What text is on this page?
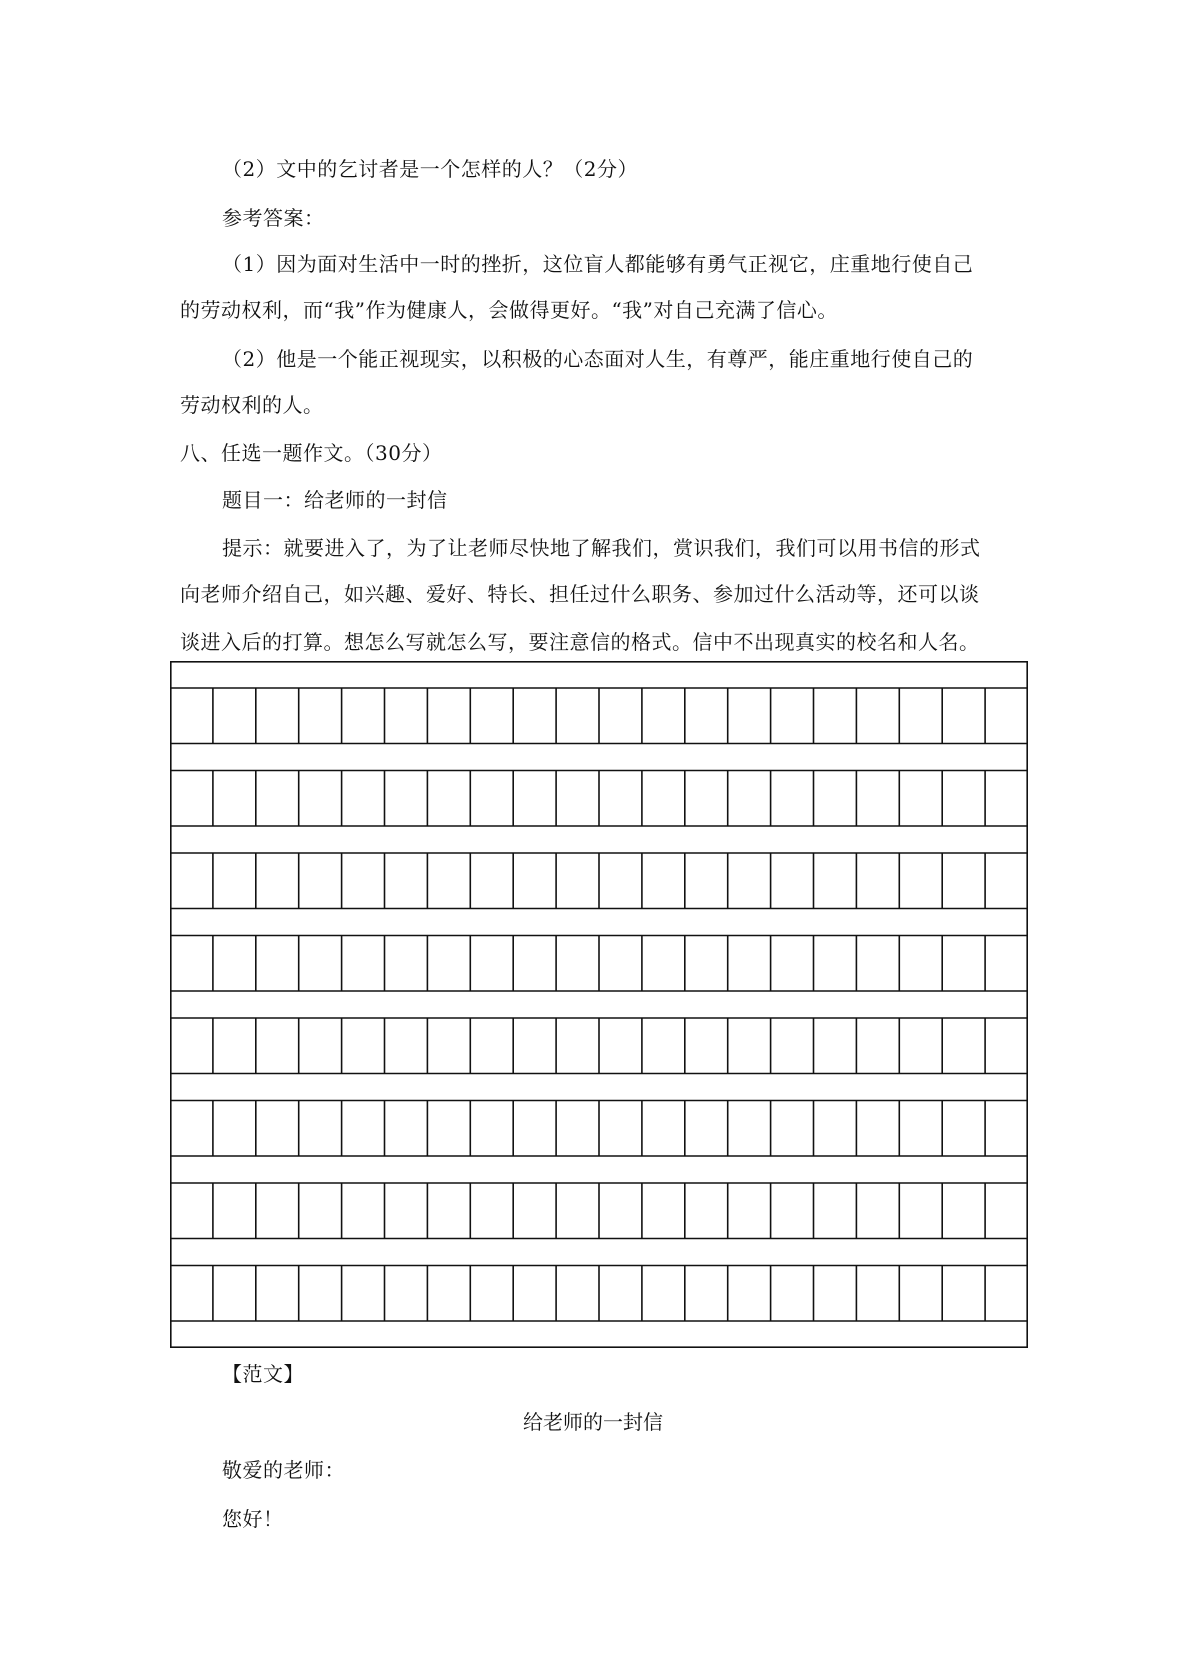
（2）文中的乞讨者是一个怎样的人？（2分）
参考答案：
（1）因为面对生活中一时的挫折，这位盲人都能够有勇气正视它，庄重地行使自己
的劳动权利，而“我”作为健康人，会做得更好。“我”对自己充满了信心。
（2）他是一个能正视现实，以积极的心态面对人生，有尊严，能庄重地行使自己的
劳动权利的人。
八、任选一题作文。（30分）
题目一：给老师的一封信
提示：就要进入了，为了让老师尽快地了解我们，赏识我们，我们可以用书信的形式
向老师介绍自己，如兴趣、爱好、特长、担任过什么职务、参加过什么活动等，还可以谈
谈进入后的打算。想怎么写就怎么写，要注意信的格式。信中不出现真实的校名和人名。
【范文】
给老师的一封信
敬爱的老师：
您好！
